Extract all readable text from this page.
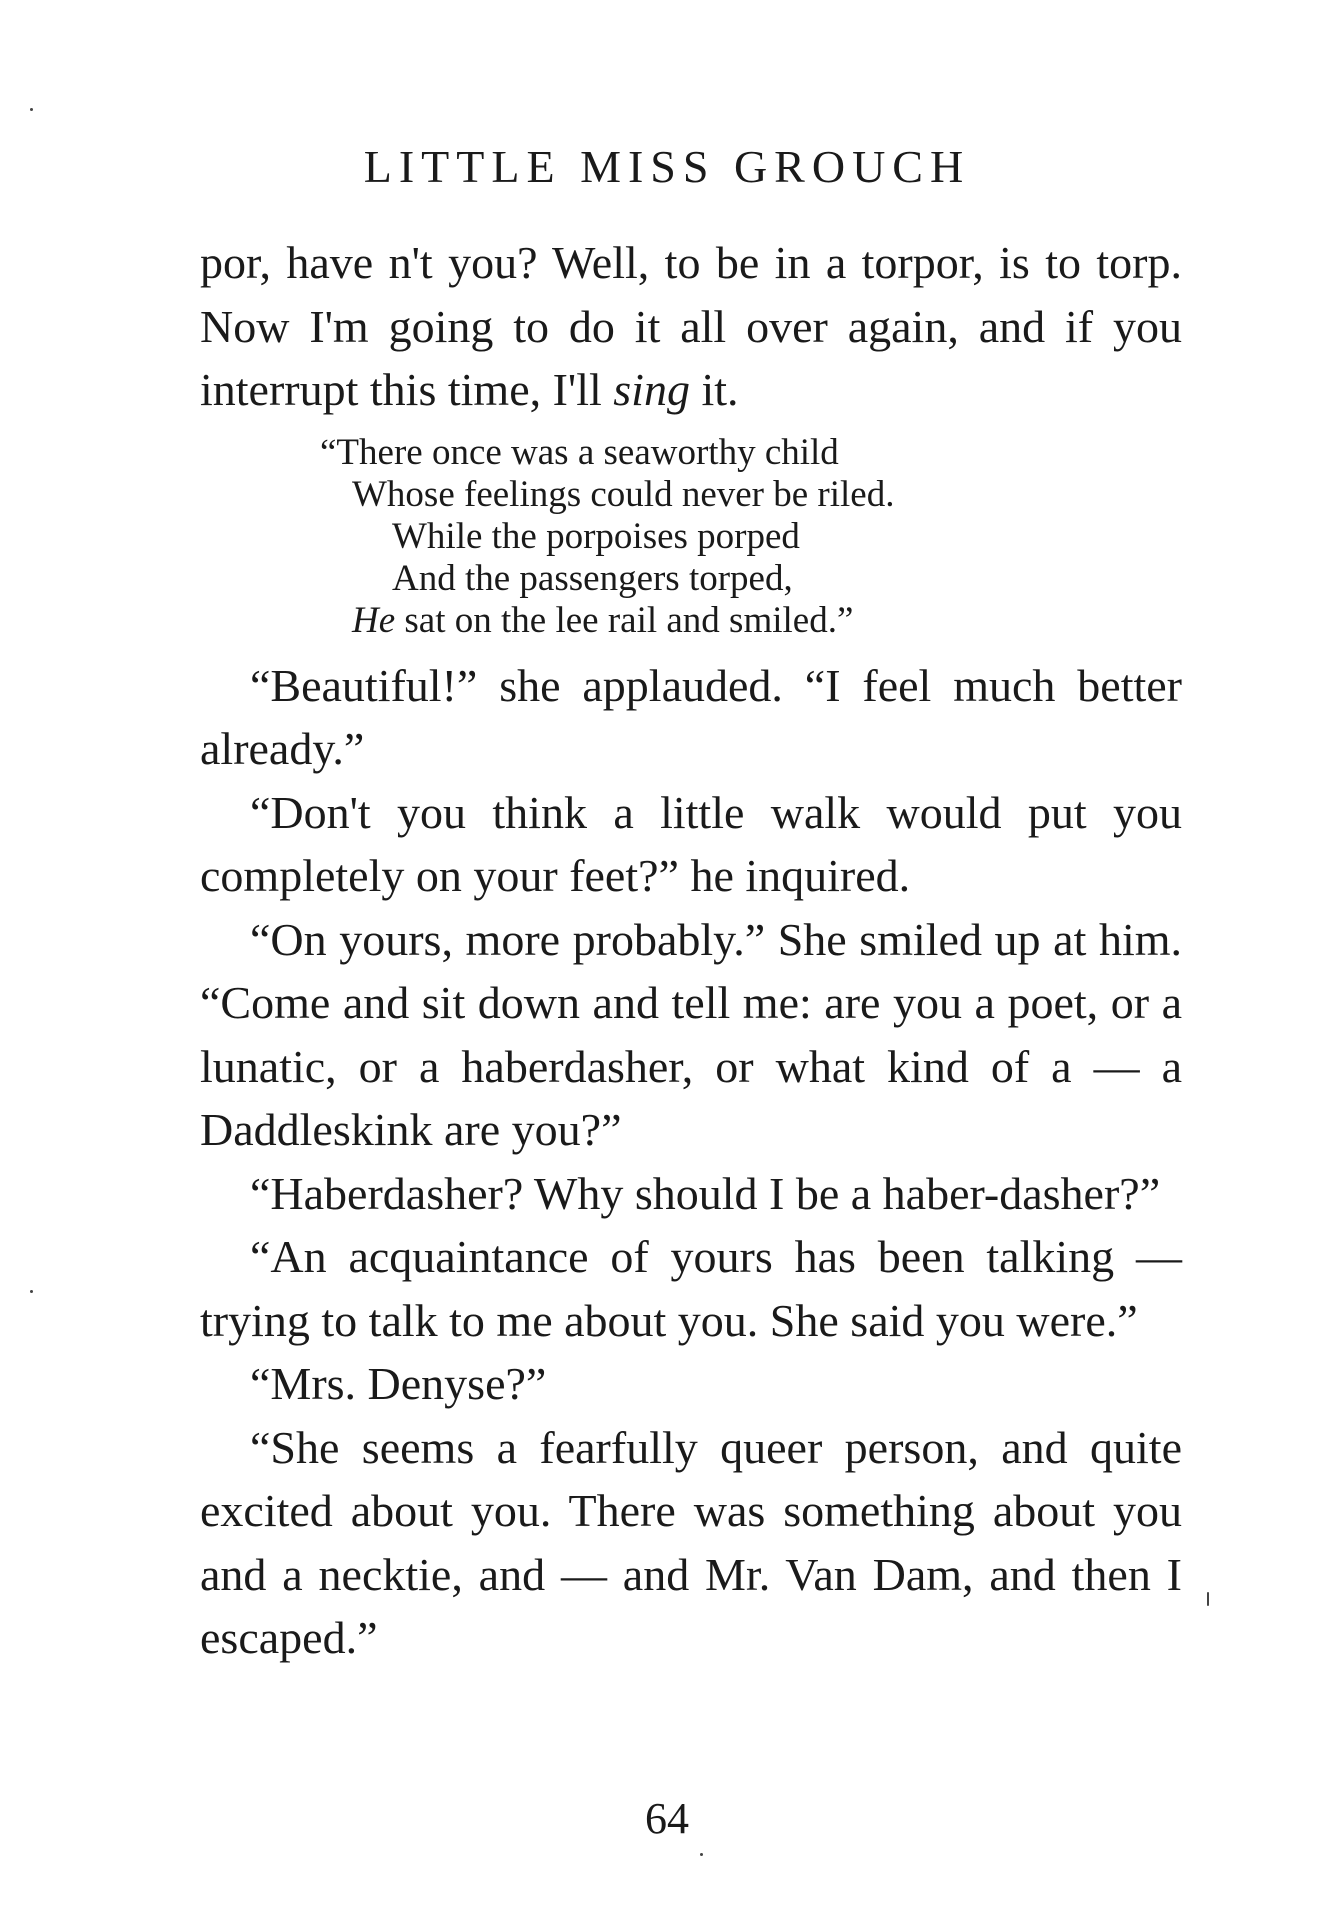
LITTLE MISS GROUCH

por, have n't you? Well, to be in a torpor, is to torp. Now I'm going to do it all over again, and if you interrupt this time, I'll sing it.

“There once was a seaworthy child
Whose feelings could never be riled.
While the porpoises porped
And the passengers torped,
He sat on the lee rail and smiled.”

“Beautiful!” she applauded. “I feel much better already.”

“Don't you think a little walk would put you completely on your feet?” he inquired.

“On yours, more probably.” She smiled up at him. “Come and sit down and tell me: are you a poet, or a lunatic, or a haberdasher, or what kind of a — a Daddleskink are you?”

“Haberdasher? Why should I be a haber-dasher?”

“An acquaintance of yours has been talking — trying to talk to me about you. She said you were.”

“Mrs. Denyse?”

“She seems a fearfully queer person, and quite excited about you. There was something about you and a necktie, and — and Mr. Van Dam, and then I escaped.”

64
